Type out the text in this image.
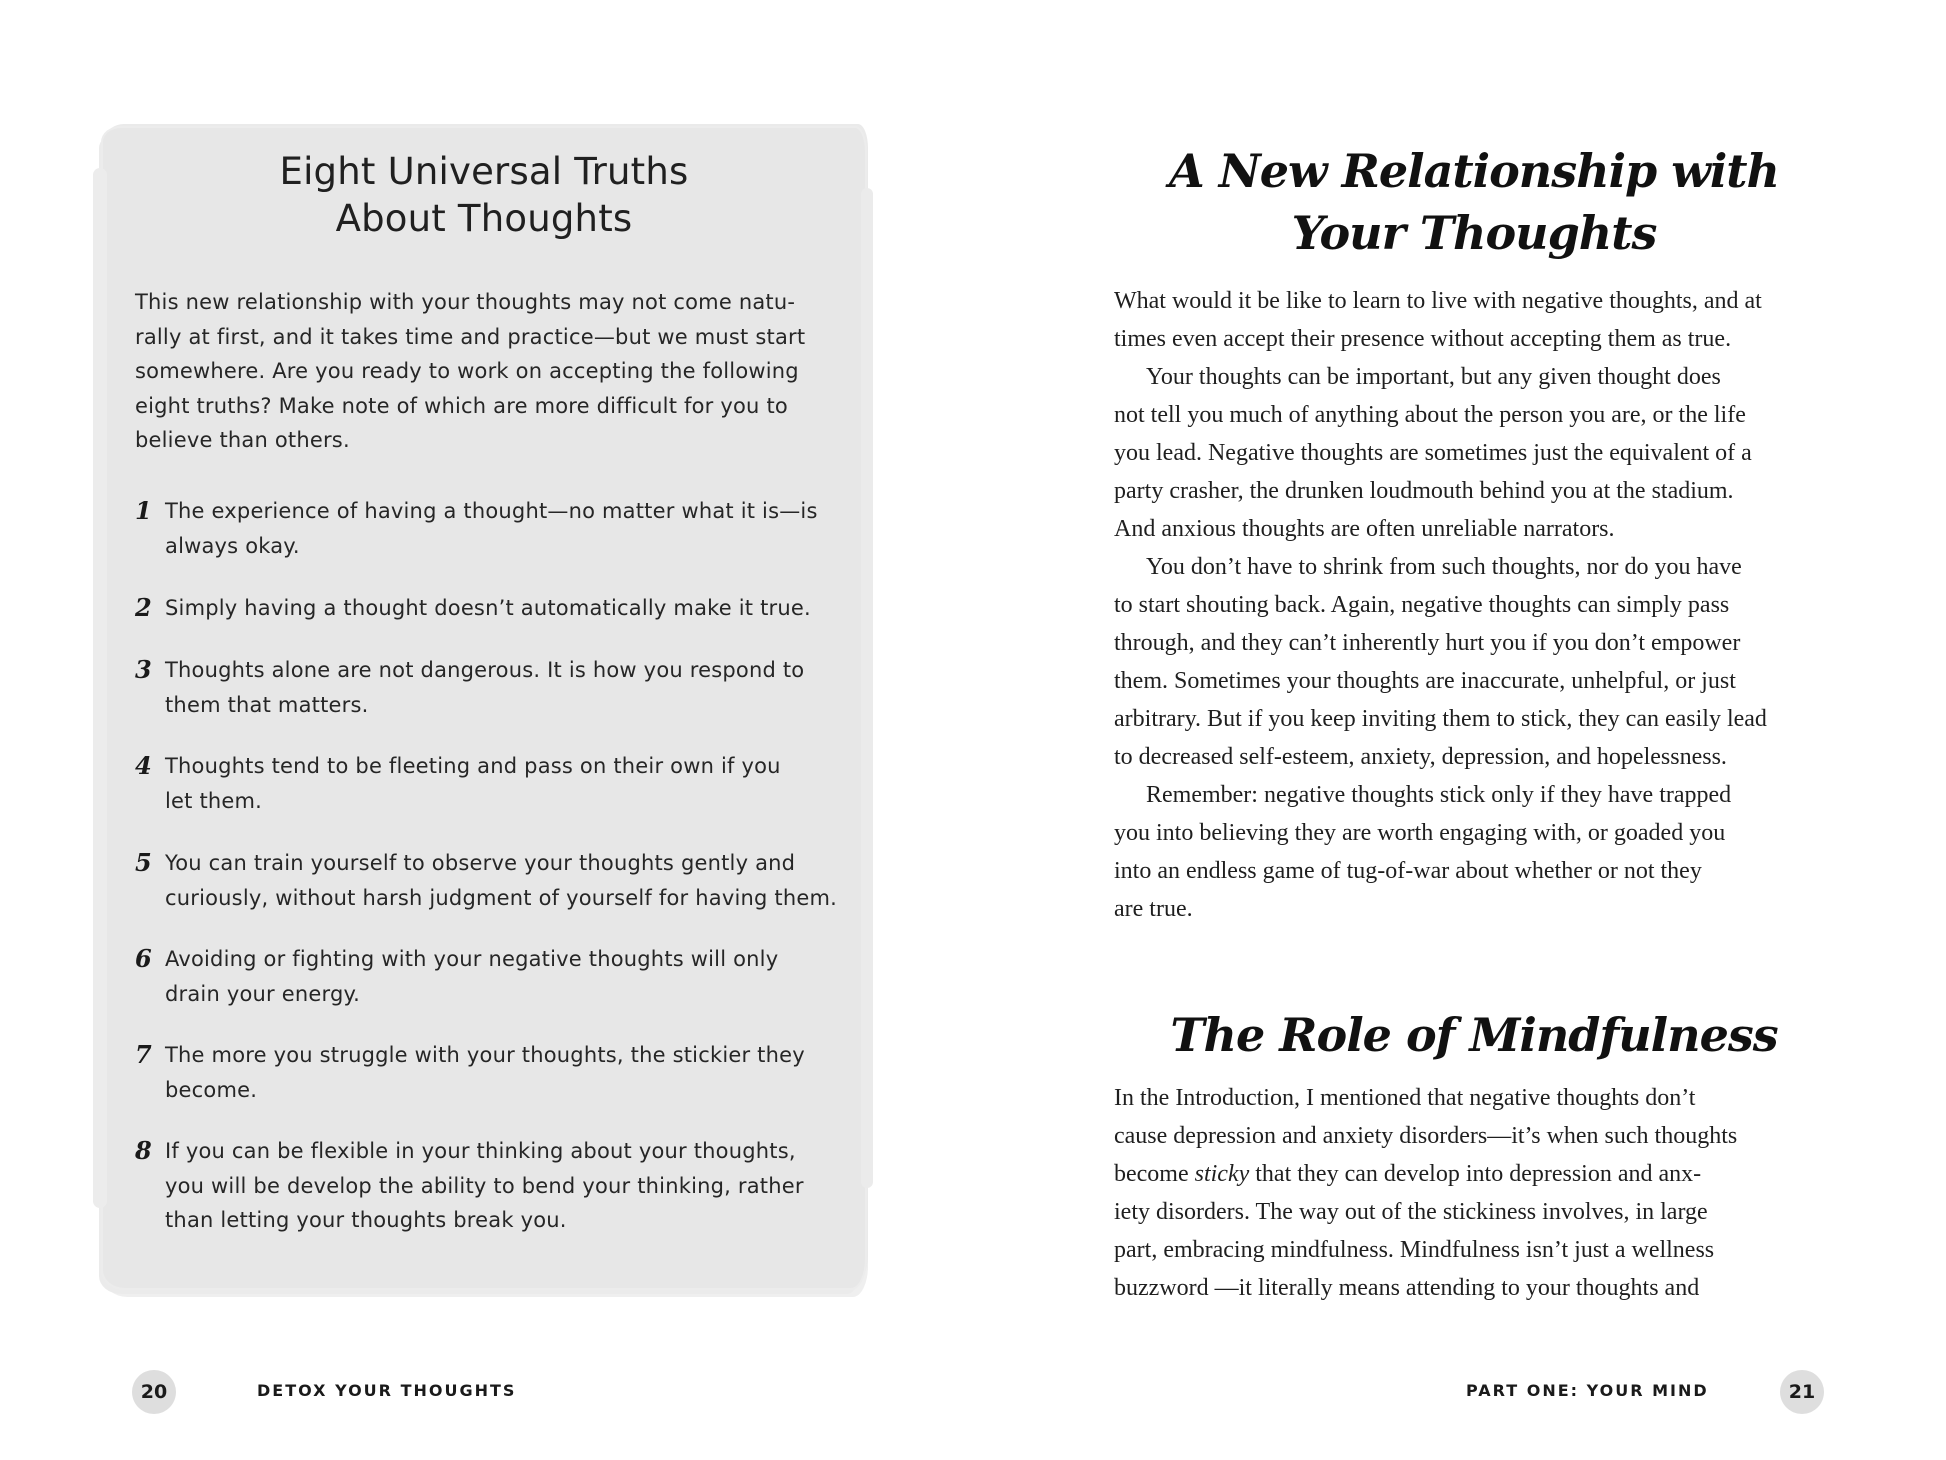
Eight Universal Truths
About Thoughts

This new relationship with your thoughts may not come natu-
rally at first, and it takes time and practice—but we must start
somewhere. Are you ready to work on accepting the following
eight truths? Make note of which are more difficult for you to
believe than others.

1 The experience of having a thought—no matter what it is—is
always okay.
2 Simply having a thought doesn’t automatically make it true.
3 Thoughts alone are not dangerous. It is how you respond to
them that matters.
4 Thoughts tend to be fleeting and pass on their own if you
let them.
5 You can train yourself to observe your thoughts gently and
curiously, without harsh judgment of yourself for having them.
6 Avoiding or fighting with your negative thoughts will only
drain your energy.
7 The more you struggle with your thoughts, the stickier they
become.
8 If you can be flexible in your thinking about your thoughts,
you will be develop the ability to bend your thinking, rather
than letting your thoughts break you.
20	DETOX YOUR THOUGHTS

A New Relationship with
Your Thoughts

What would it be like to learn to live with negative thoughts, and at
times even accept their presence without accepting them as true.
Your thoughts can be important, but any given thought does
not tell you much of anything about the person you are, or the life
you lead. Negative thoughts are sometimes just the equivalent of a
party crasher, the drunken loudmouth behind you at the stadium.
And anxious thoughts are often unreliable narrators.
You don’t have to shrink from such thoughts, nor do you have
to start shouting back. Again, negative thoughts can simply pass
through, and they can’t inherently hurt you if you don’t empower
them. Sometimes your thoughts are inaccurate, unhelpful, or just
arbitrary. But if you keep inviting them to stick, they can easily lead
to decreased self-esteem, anxiety, depression, and hopelessness.
Remember: negative thoughts stick only if they have trapped
you into believing they are worth engaging with, or goaded you
into an endless game of tug-of-war about whether or not they
are true.

The Role of Mindfulness

In the Introduction, I mentioned that negative thoughts don’t
cause depression and anxiety disorders—it’s when such thoughts
become sticky that they can develop into depression and anx-
iety disorders. The way out of the stickiness involves, in large
part, embracing mindfulness. Mindfulness isn’t just a wellness
buzzword —it literally means attending to your thoughts and

PART ONE: YOUR MIND	21
